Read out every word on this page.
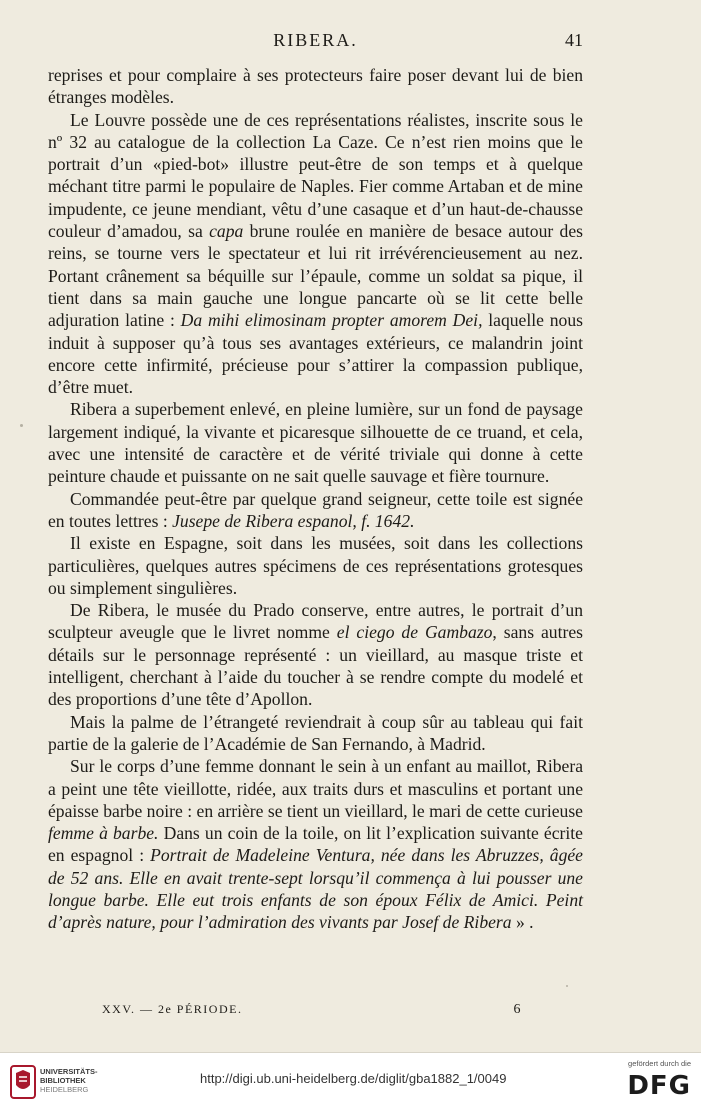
RIBERA.	41

reprises et pour complaire à ses protecteurs faire poser devant lui de bien étranges modèles.

Le Louvre possède une de ces représentations réalistes, inscrite sous le nº 32 au catalogue de la collection La Caze. Ce n’est rien moins que le portrait d’un «pied-bot» illustre peut-être de son temps et à quelque méchant titre parmi le populaire de Naples. Fier comme Artaban et de mine impudente, ce jeune mendiant, vêtu d’une casaque et d’un haut-de-chausse couleur d’amadou, sa capa brune roulée en manière de besace autour des reins, se tourne vers le spectateur et lui rit irrévérencieusement au nez. Portant crânement sa béquille sur l’épaule, comme un soldat sa pique, il tient dans sa main gauche une longue pancarte où se lit cette belle adjuration latine : Da mihi elimosinam propter amorem Dei, laquelle nous induit à supposer qu’à tous ses avantages extérieurs, ce malandrin joint encore cette infirmité, précieuse pour s’attirer la compassion publique, d’être muet.

Ribera a superbement enlevé, en pleine lumière, sur un fond de paysage largement indiqué, la vivante et picaresque silhouette de ce truand, et cela, avec une intensité de caractère et de vérité triviale qui donne à cette peinture chaude et puissante on ne sait quelle sauvage et fière tournure.

Commandée peut-être par quelque grand seigneur, cette toile est signée en toutes lettres : Jusepe de Ribera espanol, f. 1642.

Il existe en Espagne, soit dans les musées, soit dans les collections particulières, quelques autres spécimens de ces représentations grotesques ou simplement singulières.

De Ribera, le musée du Prado conserve, entre autres, le portrait d’un sculpteur aveugle que le livret nomme el ciego de Gambazo, sans autres détails sur le personnage représenté : un vieillard, au masque triste et intelligent, cherchant à l’aide du toucher à se rendre compte du modelé et des proportions d’une tête d’Apollon.

Mais la palme de l’étrangeté reviendrait à coup sûr au tableau qui fait partie de la galerie de l’Académie de San Fernando, à Madrid.

Sur le corps d’une femme donnant le sein à un enfant au maillot, Ribera a peint une tête vieillotte, ridée, aux traits durs et masculins et portant une épaisse barbe noire : en arrière se tient un vieillard, le mari de cette curieuse femme à barbe. Dans un coin de la toile, on lit l’explication suivante écrite en espagnol : Portrait de Madeleine Ventura, née dans les Abruzzes, âgée de 52 ans. Elle en avait trente-sept lorsqu’il commença à lui pousser une longue barbe. Elle eut trois enfants de son époux Félix de Amici. Peint d’après nature, pour l’admiration des vivants par Josef de Ribera » .

XXV. — 2e PÉRIODE.	6
UNIVERSITÄTS-
BIBLIOTHEK
HEIDELBERG
http://digi.ub.uni-heidelberg.de/diglit/gba1882_1/0049
gefördert durch die
DFG
